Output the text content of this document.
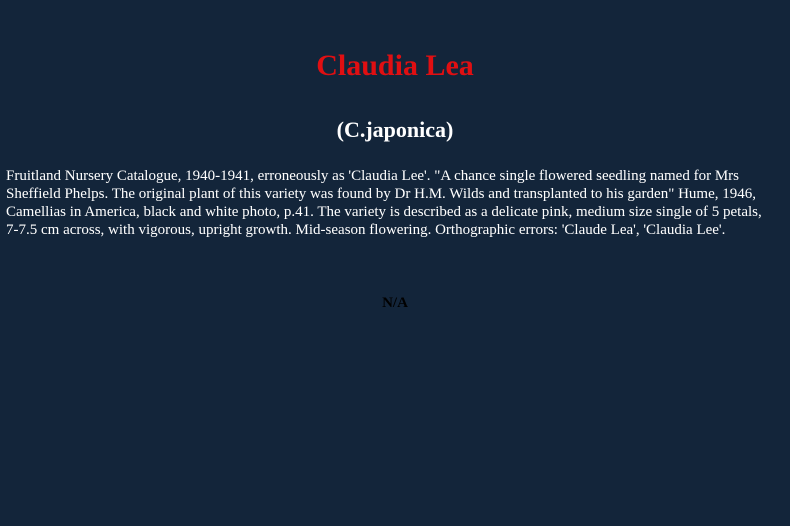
Claudia Lea
(C.japonica)

Fruitland Nursery Catalogue, 1940-1941, erroneously as 'Claudia Lee'. "A chance single flowered seedling named for Mrs Sheffield Phelps. The original plant of this variety was found by Dr H.M. Wilds and transplanted to his garden" Hume, 1946, Camellias in America, black and white photo, p.41. The variety is described as a delicate pink, medium size single of 5 petals, 7-7.5 cm across, with vigorous, upright growth. Mid-season flowering. Orthographic errors: 'Claude Lea', 'Claudia Lee'.

N/A
